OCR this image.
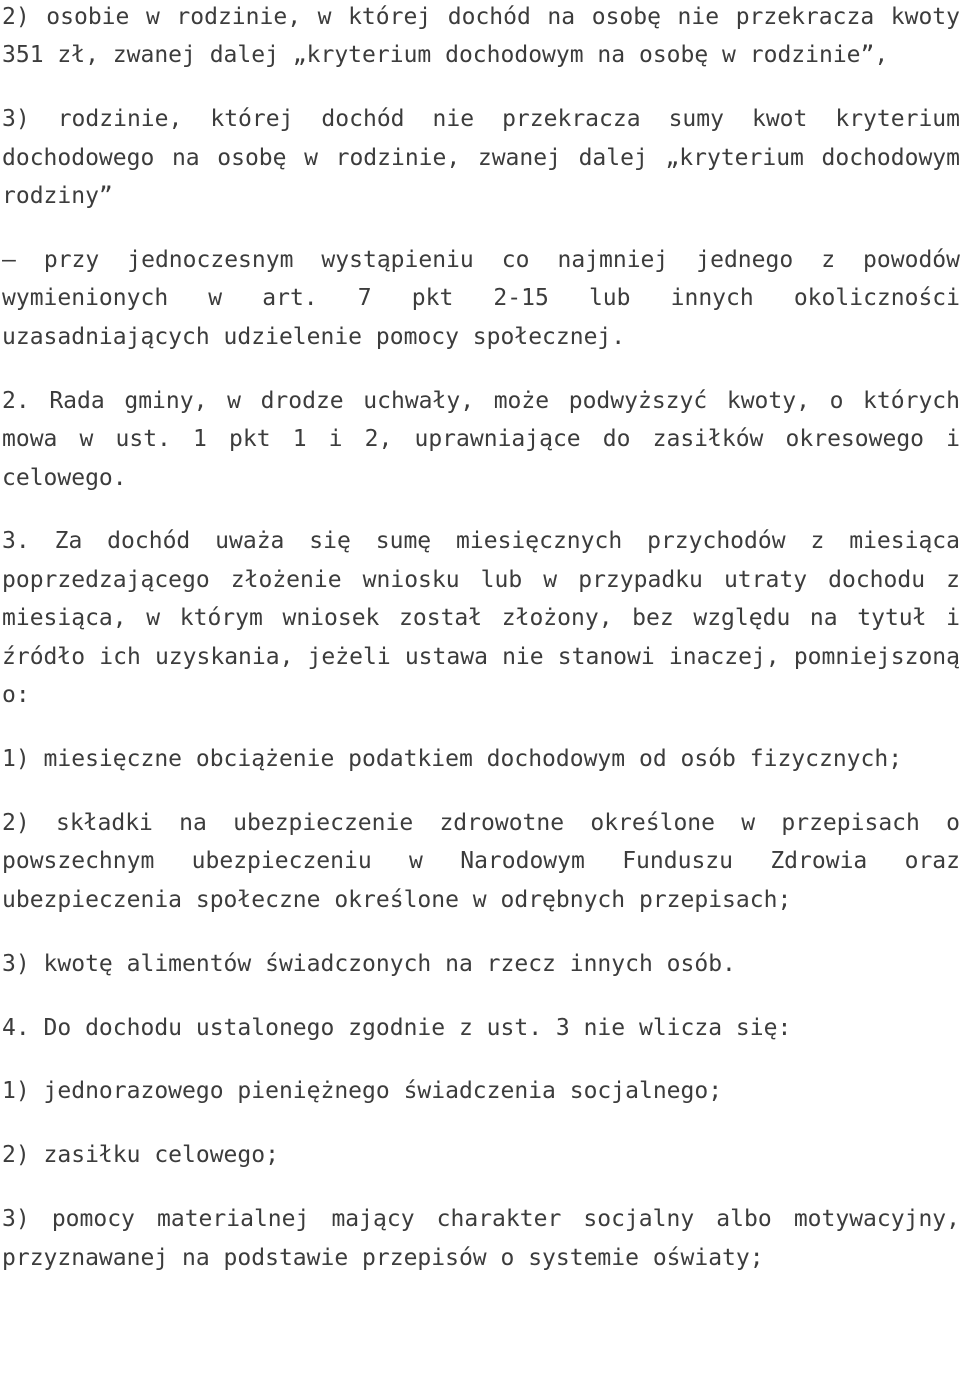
2) osobie w rodzinie, w której dochód na osobę nie przekracza kwoty 351 zł, zwanej dalej „kryterium dochodowym na osobę w rodzinie”,

3) rodzinie, której dochód nie przekracza sumy kwot kryterium dochodowego na osobę w rodzinie, zwanej dalej „kryterium dochodowym rodziny”

– przy jednoczesnym wystąpieniu co najmniej jednego z powodów wymienionych w art. 7 pkt 2-15 lub innych okoliczności uzasadniających udzielenie pomocy społecznej.

2. Rada gminy, w drodze uchwały, może podwyższyć kwoty, o których mowa w ust. 1 pkt 1 i 2, uprawniające do zasiłków okresowego i celowego.

3. Za dochód uważa się sumę miesięcznych przychodów z miesiąca poprzedzającego złożenie wniosku lub w przypadku utraty dochodu z miesiąca, w którym wniosek został złożony, bez względu na tytuł i źródło ich uzyskania, jeżeli ustawa nie stanowi inaczej, pomniejszoną o:

1) miesięczne obciążenie podatkiem dochodowym od osób fizycznych;

2) składki na ubezpieczenie zdrowotne określone w przepisach o powszechnym ubezpieczeniu w Narodowym Funduszu Zdrowia oraz ubezpieczenia społeczne określone w odrębnych przepisach;

3) kwotę alimentów świadczonych na rzecz innych osób.

4. Do dochodu ustalonego zgodnie z ust. 3 nie wlicza się:

1) jednorazowego pieniężnego świadczenia socjalnego;

2) zasiłku celowego;

3) pomocy materialnej mający charakter socjalny albo motywacyjny, przyznawanej na podstawie przepisów o systemie oświaty;
